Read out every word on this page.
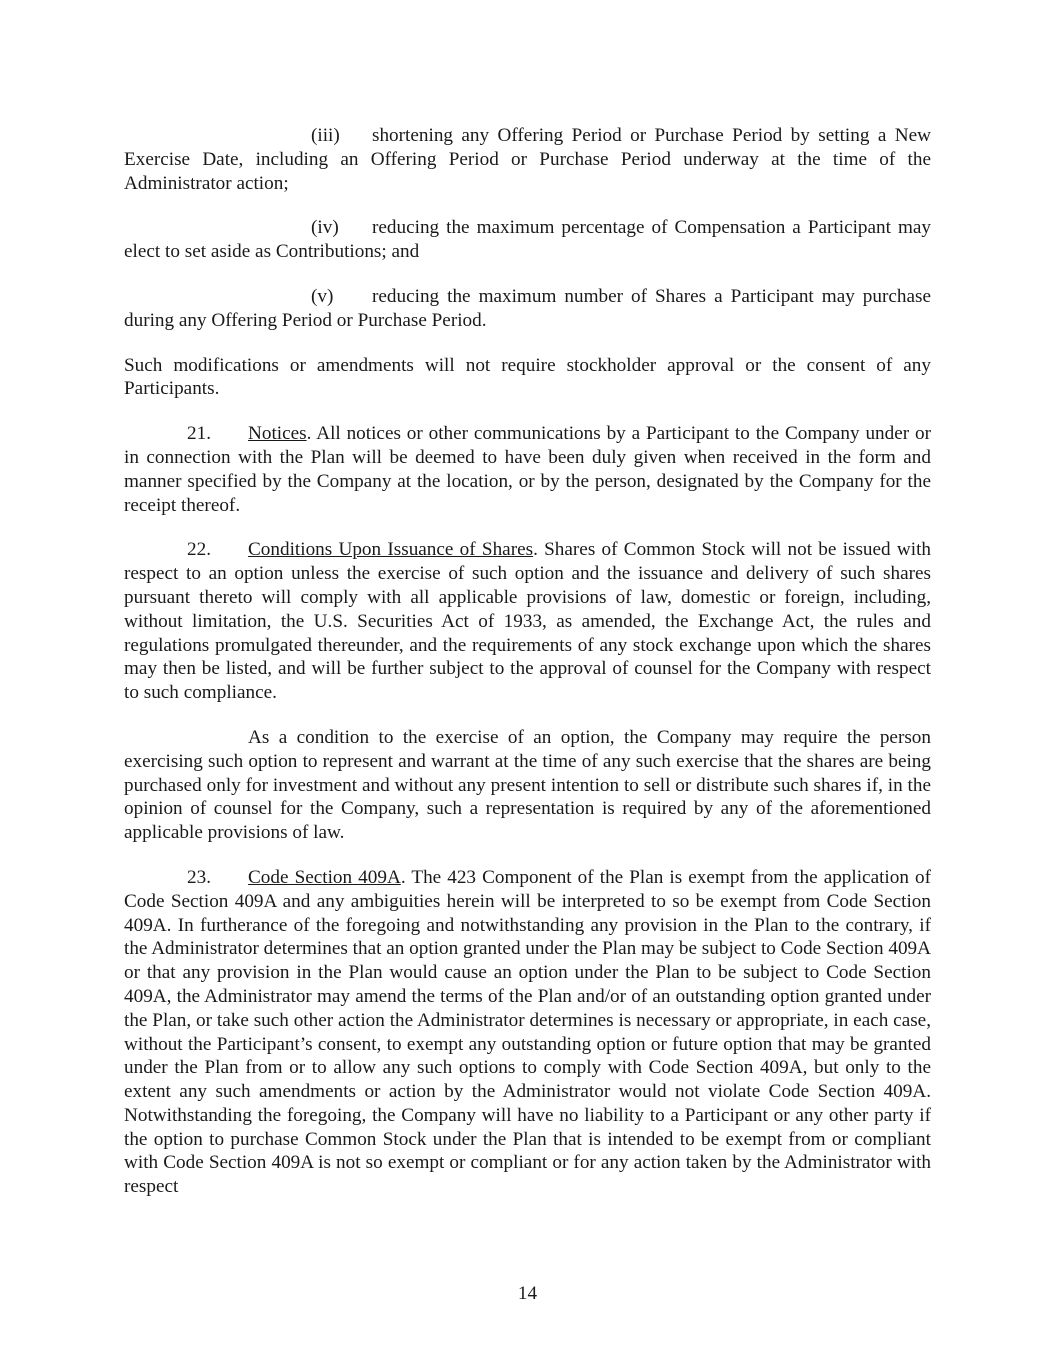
(iii) shortening any Offering Period or Purchase Period by setting a New Exercise Date, including an Offering Period or Purchase Period underway at the time of the Administrator action;

(iv) reducing the maximum percentage of Compensation a Participant may elect to set aside as Contributions; and

(v) reducing the maximum number of Shares a Participant may purchase during any Offering Period or Purchase Period.

Such modifications or amendments will not require stockholder approval or the consent of any Participants.

21. Notices. All notices or other communications by a Participant to the Company under or in connection with the Plan will be deemed to have been duly given when received in the form and manner specified by the Company at the location, or by the person, designated by the Company for the receipt thereof.

22. Conditions Upon Issuance of Shares. Shares of Common Stock will not be issued with respect to an option unless the exercise of such option and the issuance and delivery of such shares pursuant thereto will comply with all applicable provisions of law, domestic or foreign, including, without limitation, the U.S. Securities Act of 1933, as amended, the Exchange Act, the rules and regulations promulgated thereunder, and the requirements of any stock exchange upon which the shares may then be listed, and will be further subject to the approval of counsel for the Company with respect to such compliance.

As a condition to the exercise of an option, the Company may require the person exercising such option to represent and warrant at the time of any such exercise that the shares are being purchased only for investment and without any present intention to sell or distribute such shares if, in the opinion of counsel for the Company, such a representation is required by any of the aforementioned applicable provisions of law.

23. Code Section 409A. The 423 Component of the Plan is exempt from the application of Code Section 409A and any ambiguities herein will be interpreted to so be exempt from Code Section 409A. In furtherance of the foregoing and notwithstanding any provision in the Plan to the contrary, if the Administrator determines that an option granted under the Plan may be subject to Code Section 409A or that any provision in the Plan would cause an option under the Plan to be subject to Code Section 409A, the Administrator may amend the terms of the Plan and/or of an outstanding option granted under the Plan, or take such other action the Administrator determines is necessary or appropriate, in each case, without the Participant’s consent, to exempt any outstanding option or future option that may be granted under the Plan from or to allow any such options to comply with Code Section 409A, but only to the extent any such amendments or action by the Administrator would not violate Code Section 409A. Notwithstanding the foregoing, the Company will have no liability to a Participant or any other party if the option to purchase Common Stock under the Plan that is intended to be exempt from or compliant with Code Section 409A is not so exempt or compliant or for any action taken by the Administrator with respect

14
